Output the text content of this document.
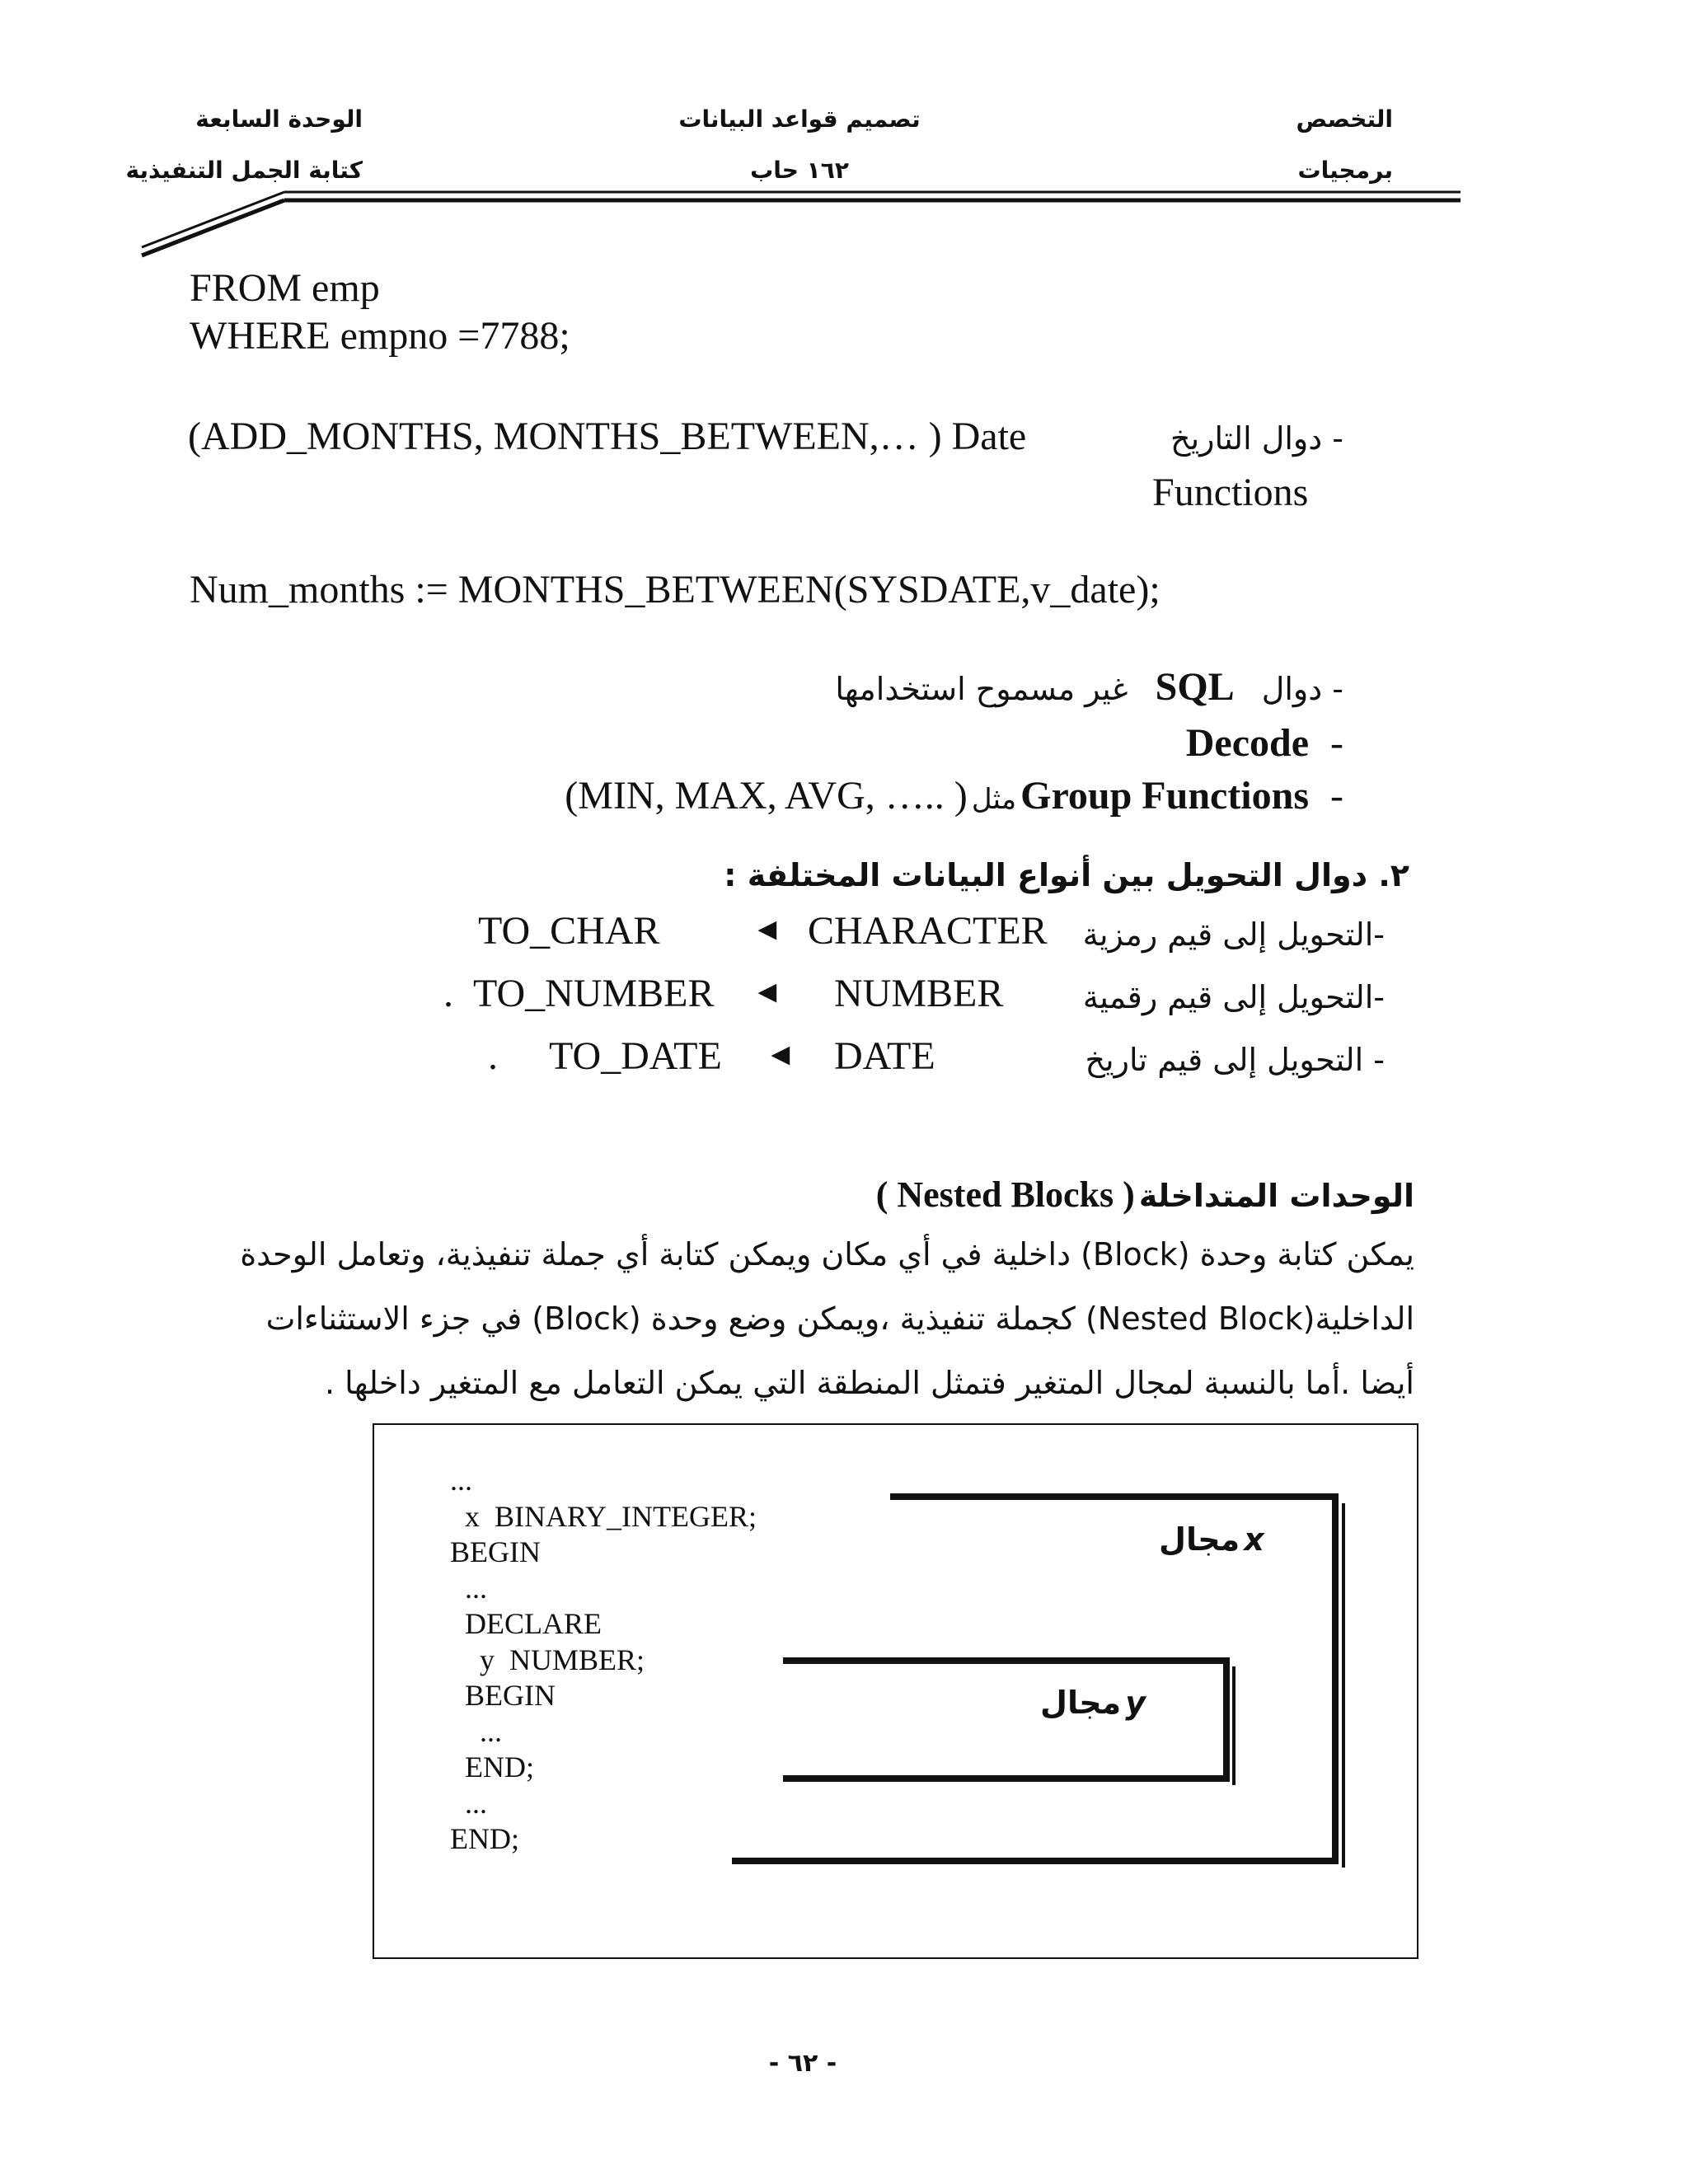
التخصص
برمجيات
تصميم قواعد البيانات
١٦٢ حاب
الوحدة السابعة
كتابة الجمل التنفيذية
FROM emp
WHERE empno =7788;
(ADD_MONTHS, MONTHS_BETWEEN,… ) Date	- دوال التاريخ
Functions
Num_months := MONTHS_BETWEEN(SYSDATE,v_date);
- دوال SQL غير مسموح استخدامها
Decode -
(MIN, MAX, AVG, ….. ) مثل Group Functions -
٢. دوال التحويل بين أنواع البيانات المختلفة :
-التحويل إلى قيم رمزية
CHARACTER
◄
TO_CHAR
-التحويل إلى قيم رقمية
NUMBER
◄
TO_NUMBER
.
- التحويل إلى قيم تاريخ
DATE
◄
TO_DATE
.
الوحدات المتداخلة ( Nested Blocks )
يمكن كتابة وحدة (Block) داخلية في أي مكان ويمكن كتابة أي جملة تنفيذية، وتعامل الوحدة
الداخلية(Nested Block) كجملة تنفيذية ،ويمكن وضع وحدة (Block) في جزء الاستثناءات
أيضا .أما بالنسبة لمجال المتغير فتمثل المنطقة التي يمكن التعامل مع المتغير داخلها .
...
x  BINARY_INTEGER;
BEGIN
...
DECLARE
y  NUMBER;
BEGIN
...
END;
...
END;
مجال x
مجال y
- ٦٢ -
